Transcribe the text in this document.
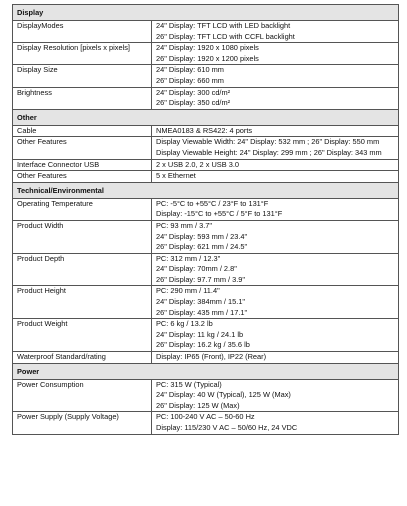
Display	
DisplayModes	24" Display: TFT LCD with LED backlight
26" Display: TFT LCD with CCFL backlight

Display Resolution [pixels x pixels]	24" Display: 1920 x 1080 pixels
26" Display: 1920 x 1200 pixels

Display Size	24" Display: 610 mm
26" Display: 660 mm

Brightness	24" Display: 300 cd/m²
26" Display: 350 cd/m²

Other	
Cable	NMEA0183 & RS422: 4 ports

Other Features	Display Viewable Width: 24" Display: 532 mm ; 26" Display: 550 mm
Display Viewable Height: 24" Display: 299 mm ; 26" Display: 343 mm

Interface Connector USB	2 x USB 2.0, 2 x USB 3.0

Other Features	5 x Ethernet

Technical/Environmental	
Operating Temperature	PC: -5°C to +55°C / 23°F to 131°F
Display: -15°C to +55°C / 5°F to 131°F

Product Width	PC: 93 mm / 3.7"
24" Display: 593 mm / 23.4"
26" Display: 621 mm / 24.5"

Product Depth	PC: 312 mm / 12.3"
24" Display: 70mm / 2.8"
26" Display: 97.7 mm / 3.9"

Product Height	PC: 290 mm / 11.4"
24" Display: 384mm / 15.1"
26" Display: 435 mm / 17.1"

Product Weight	PC: 6 kg / 13.2 lb
24" Display: 11 kg / 24.1 lb
26" Display: 16.2 kg / 35.6 lb

Waterproof Standard/rating	Display: IP65 (Front), IP22 (Rear)

Power	
Power Consumption	PC: 315 W (Typical)
24" Display: 40 W (Typical), 125 W (Max)
26" Display: 125 W (Max)

Power Supply (Supply Voltage)	PC: 100-240 V AC – 50-60 Hz
Display: 115/230 V AC – 50/60 Hz, 24 VDC
